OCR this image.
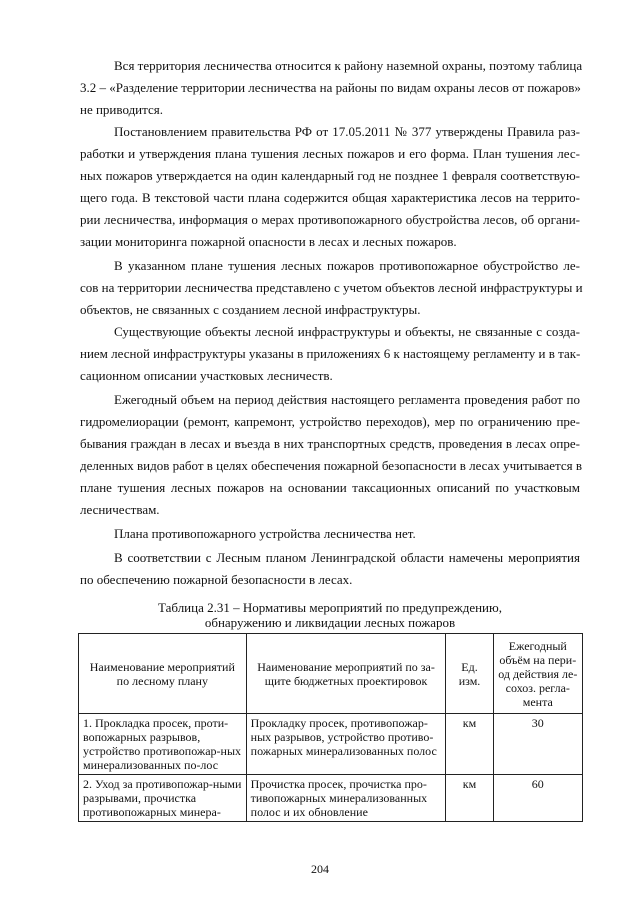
Вся территория лесничества относится к району наземной охраны, поэтому таблица
3.2 – «Разделение территории лесничества на районы по видам охраны лесов от пожаров»
не приводится.
Постановлением правительства РФ от 17.05.2011 № 377 утверждены Правила раз-
работки и утверждения плана тушения лесных пожаров и его форма. План тушения лес-
ных пожаров утверждается на один календарный год не позднее 1 февраля соответствую-
щего года. В текстовой части плана содержится общая характеристика лесов на террито-
рии лесничества, информация о мерах противопожарного обустройства лесов, об органи-
зации мониторинга пожарной опасности в лесах и лесных пожаров.
В указанном плане тушения лесных пожаров противопожарное обустройство ле-
сов на территории лесничества представлено с учетом объектов лесной инфраструктуры и
объектов, не связанных с созданием лесной инфраструктуры.
Существующие объекты лесной инфраструктуры и объекты, не связанные с созда-
нием лесной инфраструктуры указаны в приложениях 6 к настоящему регламенту и в так-
сационном описании участковых лесничеств.
Ежегодный объем на период действия настоящего регламента проведения работ по
гидромелиорации (ремонт, капремонт, устройство переходов), мер по ограничению пре-
бывания граждан в лесах и въезда в них транспортных средств, проведения в лесах опре-
деленных видов работ в целях обеспечения пожарной безопасности в лесах учитывается в
плане тушения лесных пожаров на основании таксационных описаний по участковым
лесничествам.
Плана противопожарного устройства лесничества нет.
В соответствии с Лесным планом Ленинградской области намечены мероприятия
по обеспечению пожарной безопасности в лесах.
Таблица 2.31 – Нормативы мероприятий по предупреждению,
обнаружению и ликвидации лесных пожаров
Наименование мероприятий по лесному плану	Наименование мероприятий по за-щите бюджетных проектировок	Ед. изм.	Ежегодный объём на пери-од действия ле-сохоз. регла-мента
1. Прокладка просек, проти-вопожарных разрывов, устройство противопожар-ных минерализованных по-лос	Прокладку просек, противопожар-ных разрывов, устройство противо-пожарных минерализованных полос	км	30
2. Уход за противопожар-ными разрывами, прочистка противопожарных минера-	Прочистка просек, прочистка про-тивопожарных минерализованных полос и их обновление	км	60
204
